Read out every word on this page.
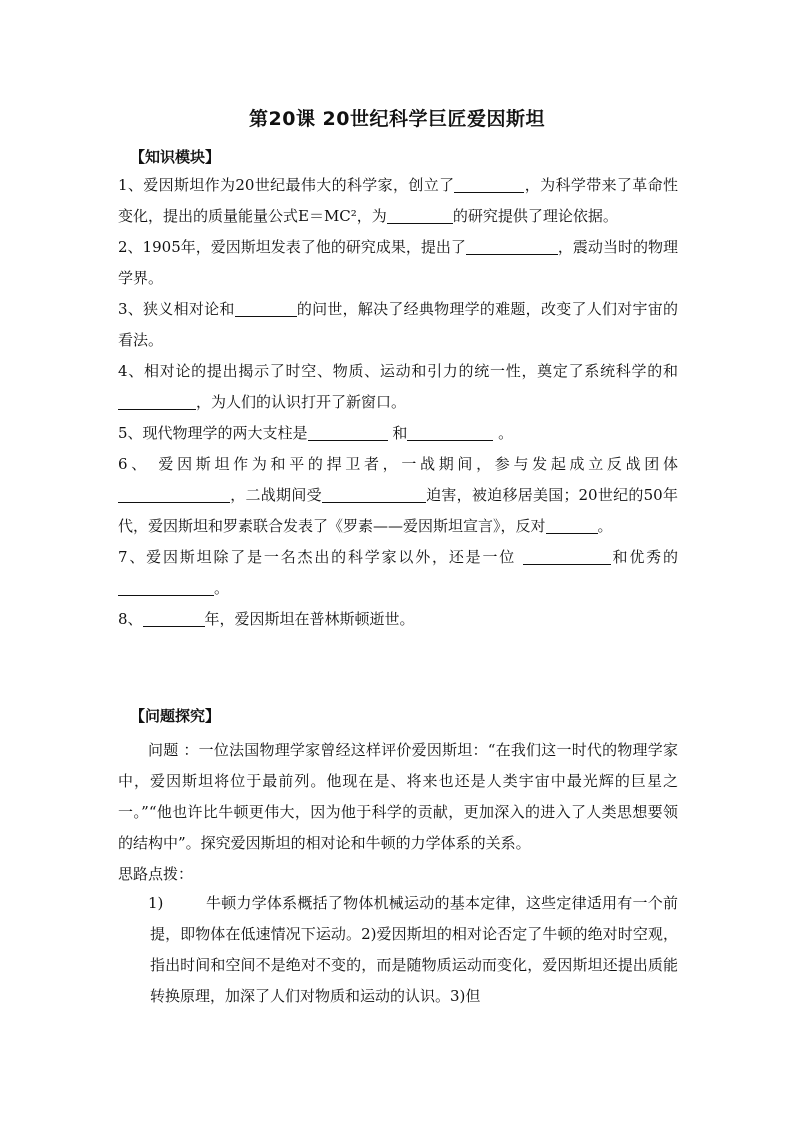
第20课 20世纪科学巨匠爱因斯坦
【知识模块】

1、爱因斯坦作为20世纪最伟大的科学家，创立了	，为科学带来了革命性变化，提出的质量能量公式E＝MC²，为	的研究提供了理论依据。

2、1905年，爱因斯坦发表了他的研究成果，提出了	，震动当时的物理学界。

3、狭义相对论和	的问世，解决了经典物理学的难题，改变了人们对宇宙的看法。

4、相对论的提出揭示了时空、物质、运动和引力的统一性，奠定了系统科学的和，为人们的认识打开了新窗口。

5、现代物理学的两大支柱是	和	。

6、 爱因斯坦作为和平的捍卫者，一战期间，参与发起成立反战团体，二战期间受	迫害，被迫移居美国；20世纪的50年代，爱因斯坦和罗素联合发表了《罗素——爱因斯坦宣言》，反对	。

7、爱因斯坦除了是一名杰出的科学家以外，还是一位	和优秀的。

8、	年，爱因斯坦在普林斯顿逝世。

【问题探究】

问题 ：一位法国物理学家曾经这样评价爱因斯坦：“在我们这一时代的物理学家中，爱因斯坦将位于最前列。他现在是、将来也还是人类宇宙中最光辉的巨星之一。”“他也许比牛顿更伟大，因为他于科学的贡献，更加深入的进入了人类思想要领的结构中”。探究爱因斯坦的相对论和牛顿的力学体系的关系。

思路点拨：

1)	牛顿力学体系概括了物体机械运动的基本定律，这些定律适用有一个前提，即物体在低速情况下运动。2)爱因斯坦的相对论否定了牛顿的绝对时空观，指出时间和空间不是绝对不变的，而是随物质运动而变化，爱因斯坦还提出质能转换原理，加深了人们对物质和运动的认识。3)但
